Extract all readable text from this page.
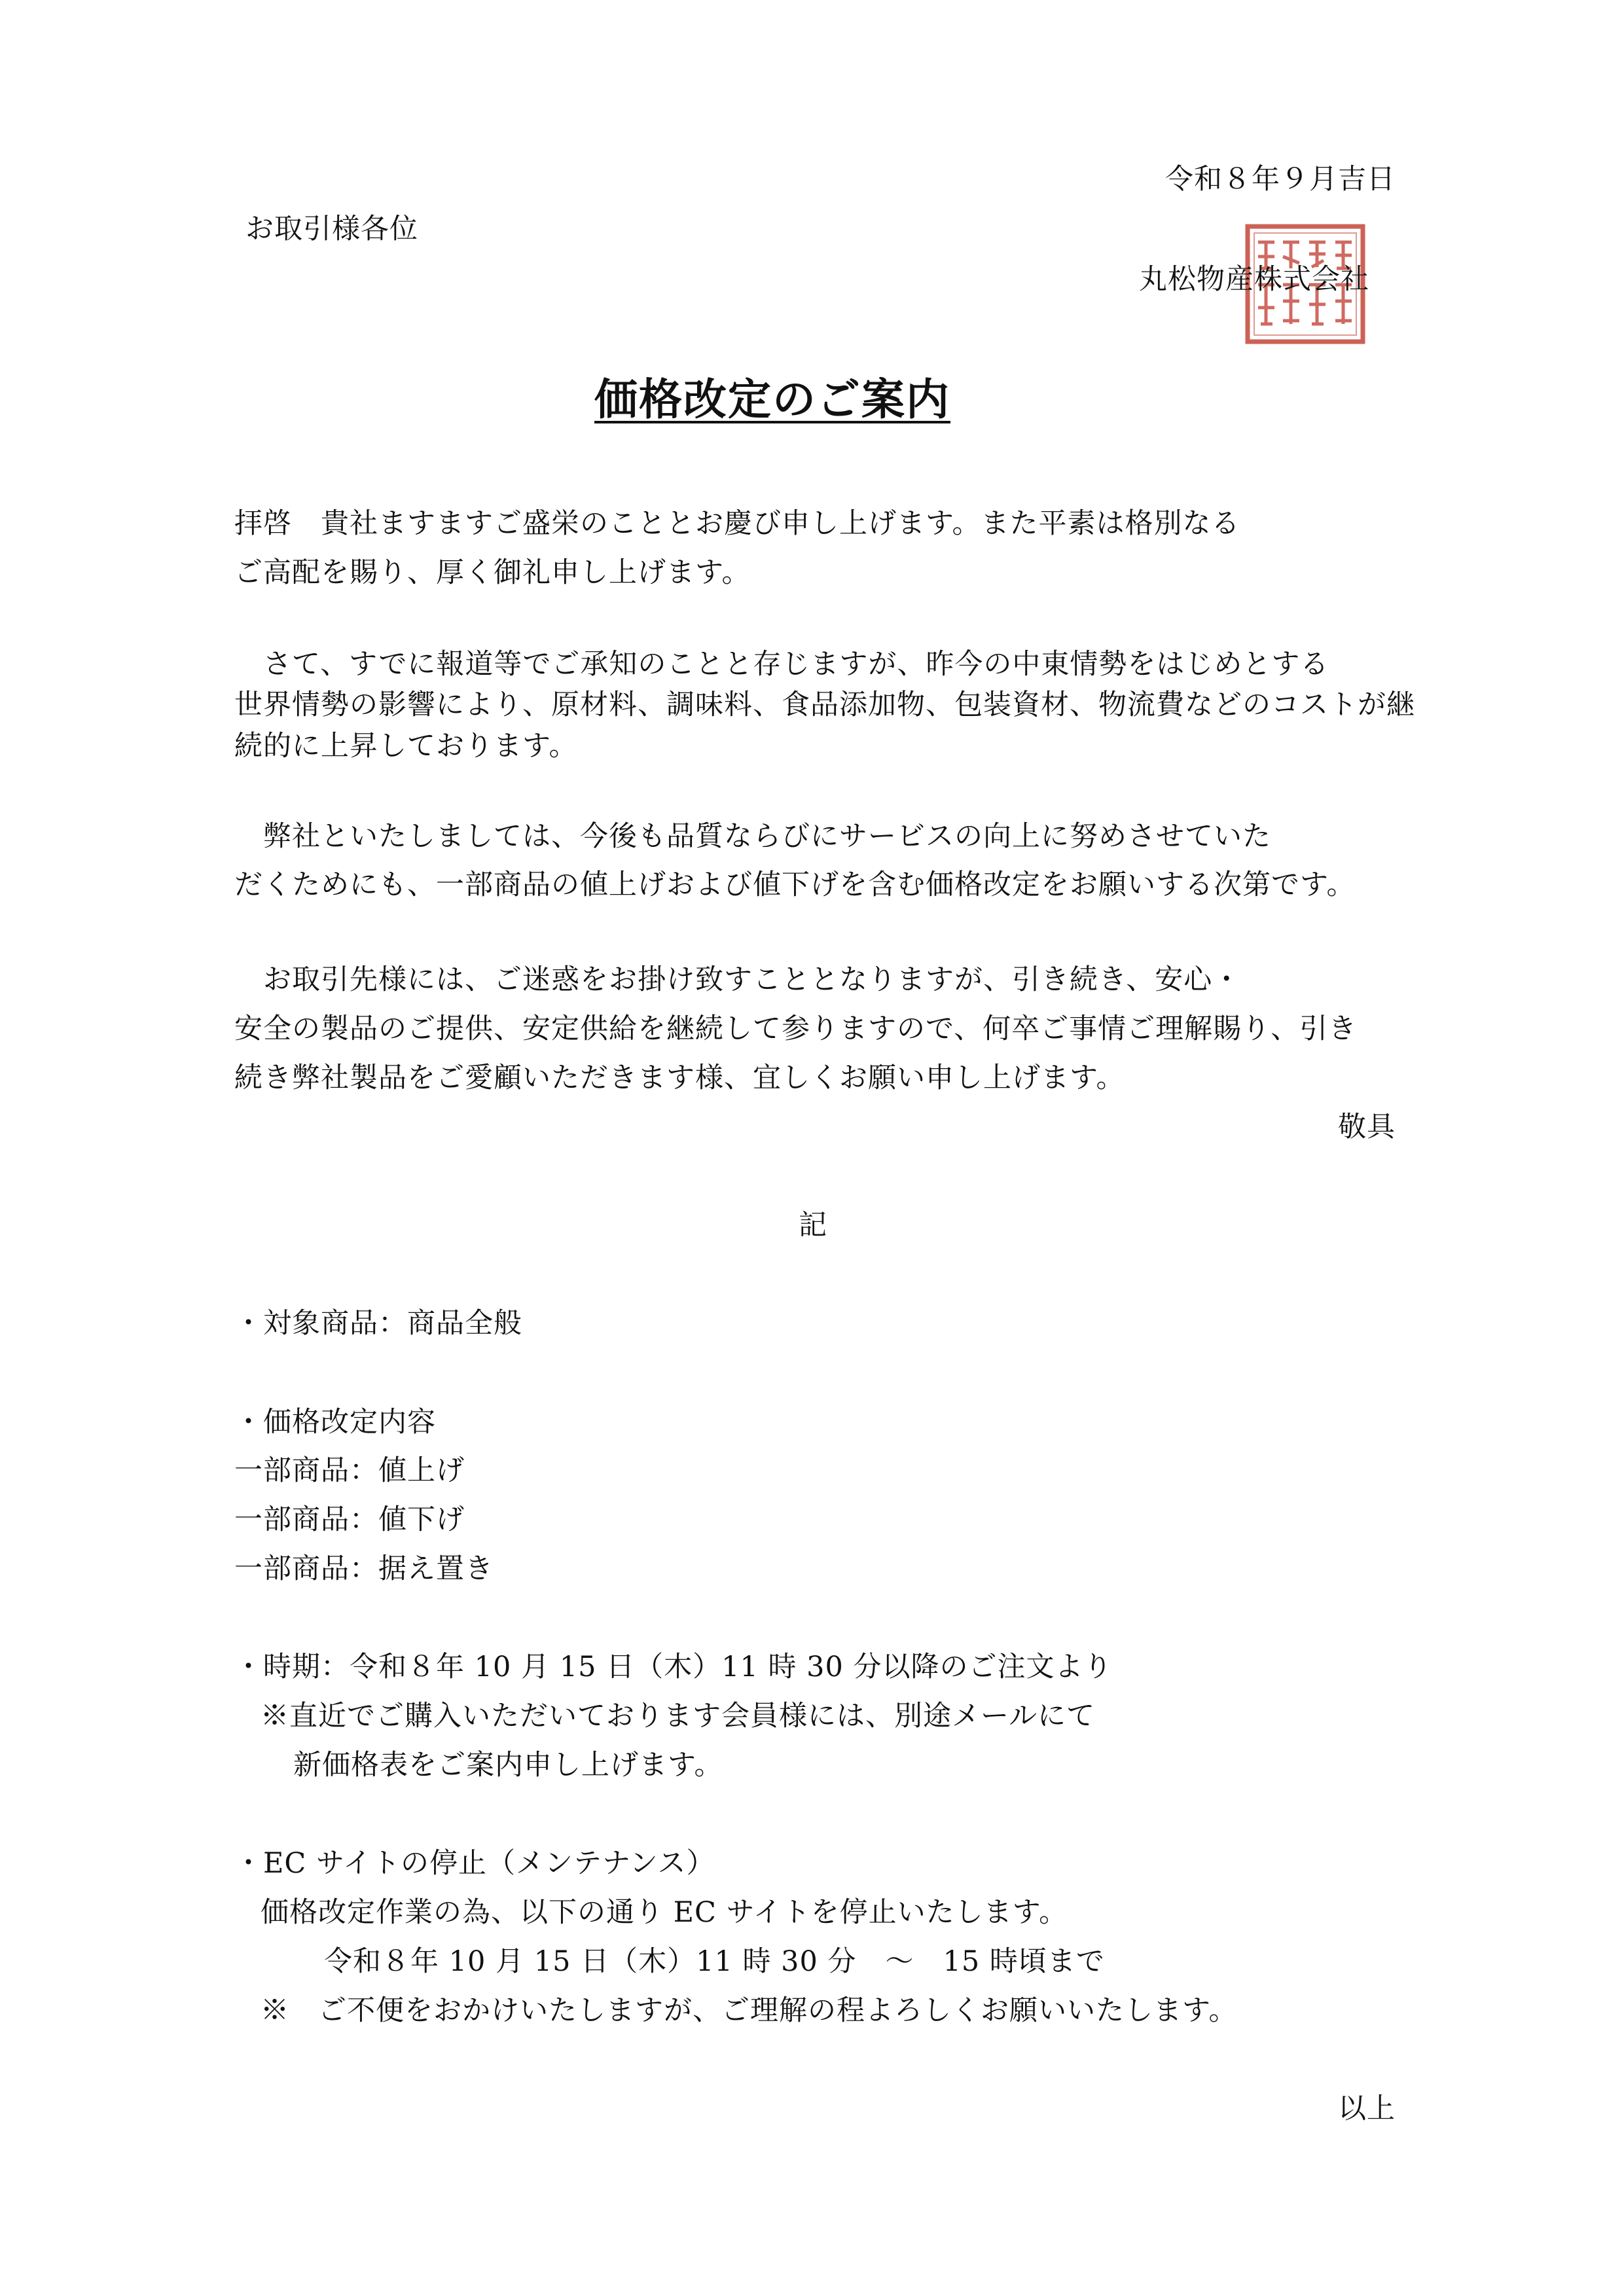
令和８年９月吉日
お取引様各位
丸松物産株式会社
価格改定のご案内
拝啓　貴社ますますご盛栄のこととお慶び申し上げます。また平素は格別なる
ご高配を賜り、厚く御礼申し上げます。
　さて、すでに報道等でご承知のことと存じますが、昨今の中東情勢をはじめとする
世界情勢の影響により、原材料、調味料、食品添加物、包装資材、物流費などのコストが継
続的に上昇しております。
　弊社といたしましては、今後も品質ならびにサービスの向上に努めさせていた
だくためにも、一部商品の値上げおよび値下げを含む価格改定をお願いする次第です。
　お取引先様には、ご迷惑をお掛け致すこととなりますが、引き続き、安心・
安全の製品のご提供、安定供給を継続して参りますので、何卒ご事情ご理解賜り、引き
続き弊社製品をご愛顧いただきます様、宜しくお願い申し上げます。
敬具
記
・対象商品：商品全般
・価格改定内容
一部商品：値上げ
一部商品：値下げ
一部商品：据え置き
・時期：令和８年 10 月 15 日（木）11 時 30 分以降のご注文より
※直近でご購入いただいております会員様には、別途メールにて
新価格表をご案内申し上げます。
・EC サイトの停止（メンテナンス）
価格改定作業の為、以下の通り EC サイトを停止いたします。
令和８年 10 月 15 日（木）11 時 30 分　～　15 時頃まで
※　ご不便をおかけいたしますが、ご理解の程よろしくお願いいたします。
以上
